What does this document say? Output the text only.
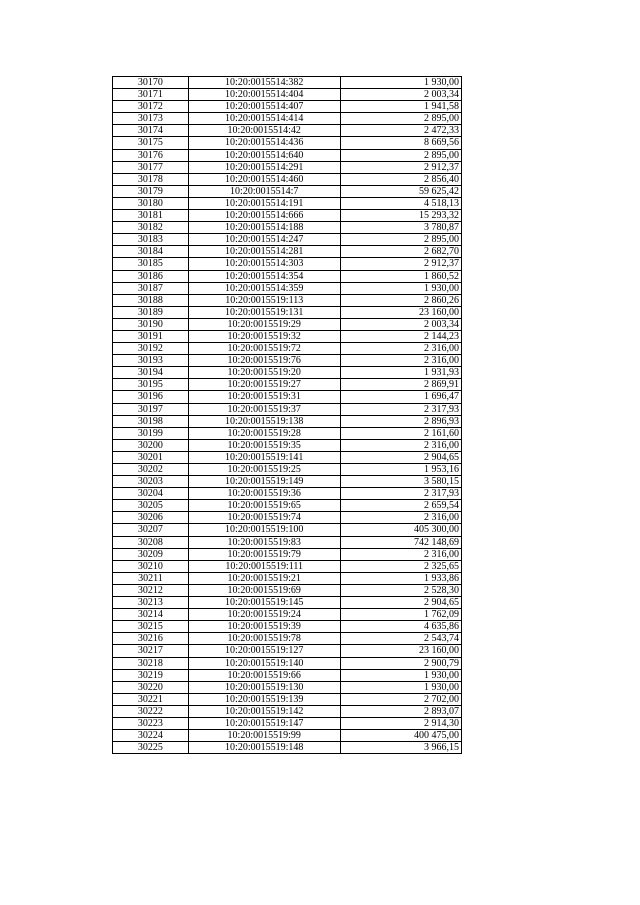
30170	10:20:0015514:382	1 930,00
30171	10:20:0015514:404	2 003,34
30172	10:20:0015514:407	1 941,58
30173	10:20:0015514:414	2 895,00
30174	10:20:0015514:42	2 472,33
30175	10:20:0015514:436	8 669,56
30176	10:20:0015514:640	2 895,00
30177	10:20:0015514:291	2 912,37
30178	10:20:0015514:460	2 856,40
30179	10:20:0015514:7	59 625,42
30180	10:20:0015514:191	4 518,13
30181	10:20:0015514:666	15 293,32
30182	10:20:0015514:188	3 780,87
30183	10:20:0015514:247	2 895,00
30184	10:20:0015514:281	2 682,70
30185	10:20:0015514:303	2 912,37
30186	10:20:0015514:354	1 860,52
30187	10:20:0015514:359	1 930,00
30188	10:20:0015519:113	2 860,26
30189	10:20:0015519:131	23 160,00
30190	10:20:0015519:29	2 003,34
30191	10:20:0015519:32	2 144,23
30192	10:20:0015519:72	2 316,00
30193	10:20:0015519:76	2 316,00
30194	10:20:0015519:20	1 931,93
30195	10:20:0015519:27	2 869,91
30196	10:20:0015519:31	1 696,47
30197	10:20:0015519:37	2 317,93
30198	10:20:0015519:138	2 896,93
30199	10:20:0015519:28	2 161,60
30200	10:20:0015519:35	2 316,00
30201	10:20:0015519:141	2 904,65
30202	10:20:0015519:25	1 953,16
30203	10:20:0015519:149	3 580,15
30204	10:20:0015519:36	2 317,93
30205	10:20:0015519:65	2 659,54
30206	10:20:0015519:74	2 316,00
30207	10:20:0015519:100	405 300,00
30208	10:20:0015519:83	742 148,69
30209	10:20:0015519:79	2 316,00
30210	10:20:0015519:111	2 325,65
30211	10:20:0015519:21	1 933,86
30212	10:20:0015519:69	2 528,30
30213	10:20:0015519:145	2 904,65
30214	10:20:0015519:24	1 762,09
30215	10:20:0015519:39	4 635,86
30216	10:20:0015519:78	2 543,74
30217	10:20:0015519:127	23 160,00
30218	10:20:0015519:140	2 900,79
30219	10:20:0015519:66	1 930,00
30220	10:20:0015519:130	1 930,00
30221	10:20:0015519:139	2 702,00
30222	10:20:0015519:142	2 893,07
30223	10:20:0015519:147	2 914,30
30224	10:20:0015519:99	400 475,00
30225	10:20:0015519:148	3 966,15
